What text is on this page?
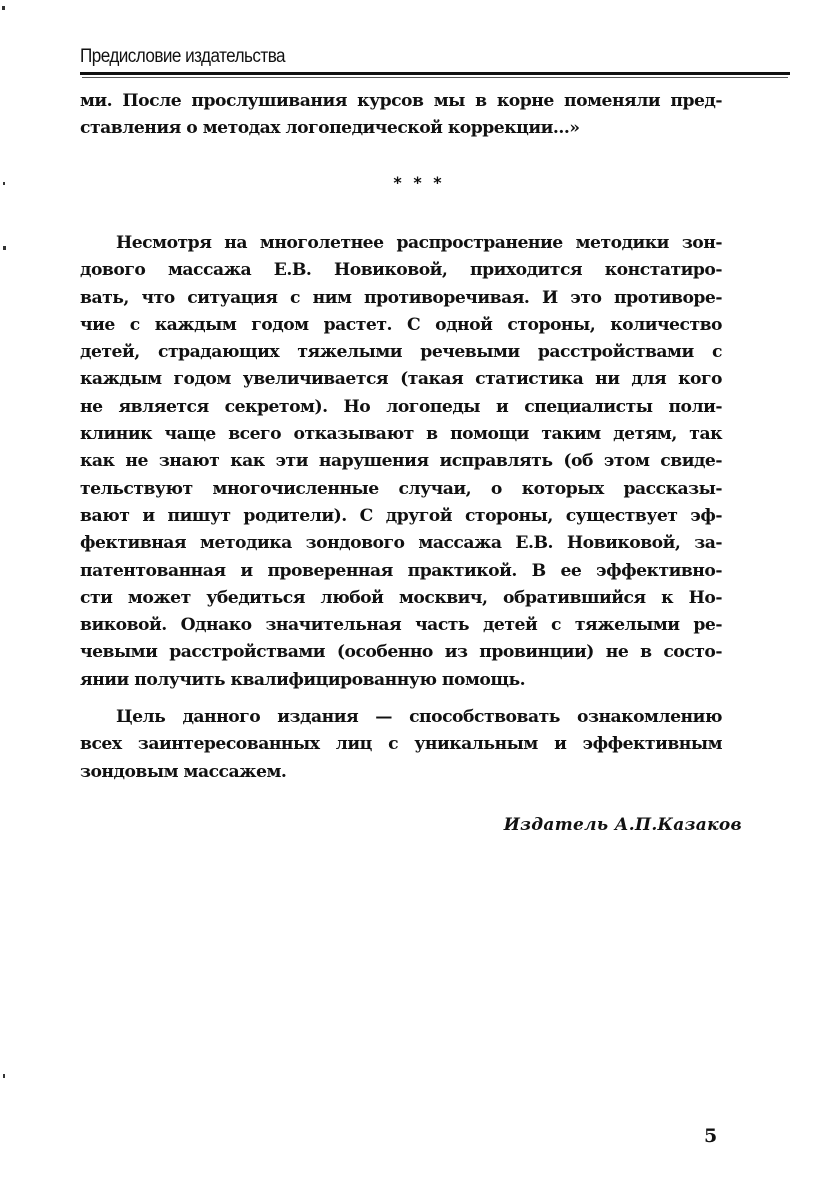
Предисловие издательства
ми. После прослушивания курсов мы в корне поменяли пред-
ставления о методах логопедической коррекции...»
* * *
Несмотря на многолетнее распространение методики зон-
дового массажа Е.В. Новиковой, приходится констатиро-
вать, что ситуация с ним противоречивая. И это противоре-
чие с каждым годом растет. С одной стороны, количество
детей, страдающих тяжелыми речевыми расстройствами с
каждым годом увеличивается (такая статистика ни для кого
не является секретом). Но логопеды и специалисты поли-
клиник чаще всего отказывают в помощи таким детям, так
как не знают как эти нарушения исправлять (об этом свиде-
тельствуют многочисленные случаи, о которых рассказы-
вают и пишут родители). С другой стороны, существует эф-
фективная методика зондового массажа Е.В. Новиковой, за-
патентованная и проверенная практикой. В ее эффективно-
сти может убедиться любой москвич, обратившийся к Но-
виковой. Однако значительная часть детей с тяжелыми ре-
чевыми расстройствами (особенно из провинции) не в состо-
янии получить квалифицированную помощь.
Цель данного издания — способствовать ознакомлению
всех заинтересованных лиц с уникальным и эффективным
зондовым массажем.
Издатель А.П.Казаков
5
